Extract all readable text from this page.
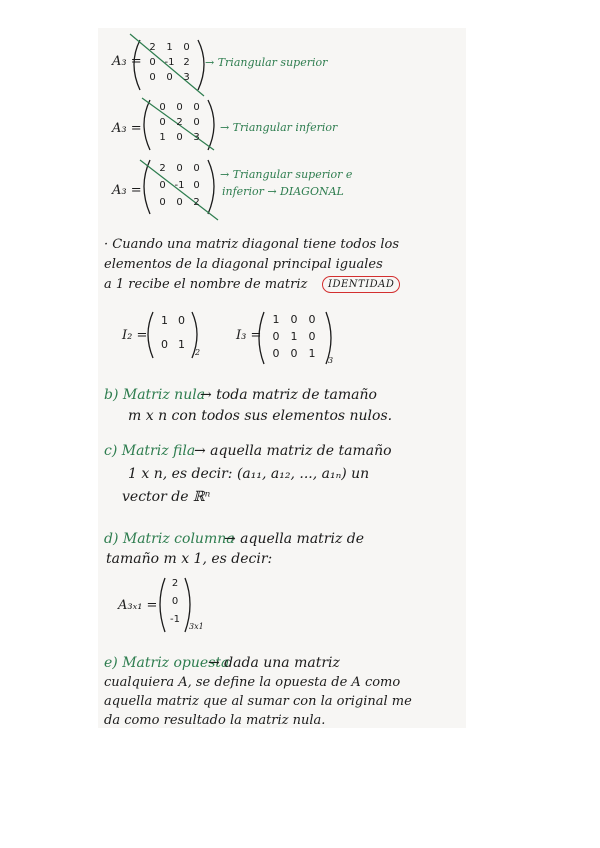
A₃ =
2	1	0
0 -1 2
0	0	3
→ Triangular superior
A₃ =
0	0	0
0	2	0
1	0	3
→ Triangular inferior
A₃ =
2	0	0
0 -1 0
0	0	2
→ Triangular superior e
inferior → DIAGONAL
· Cuando una matriz diagonal tiene todos los
elementos de la diagonal principal iguales
a 1 recibe el nombre de matriz	IDENTIDAD
I₂ =
1 0
0 1
2
I₃ =
1	0	0
0	1	0
0	0	1
3
b) Matriz nula
→ toda matriz de tamaño
m x n con todos sus elementos nulos.
c) Matriz fila
→ aquella matriz de tamaño
1 x n, es decir: (a₁₁, a₁₂, ..., a₁ₙ) un
vector de ℝⁿ
d) Matriz columna
→ aquella matriz de
tamaño m x 1, es decir:
A₃ₓ₁ =
2
0
-1
3x1
e) Matriz opuesta
→ dada una matriz
cualquiera A, se define la opuesta de A como
aquella matriz que al sumar con la original me
da como resultado la matriz nula.
